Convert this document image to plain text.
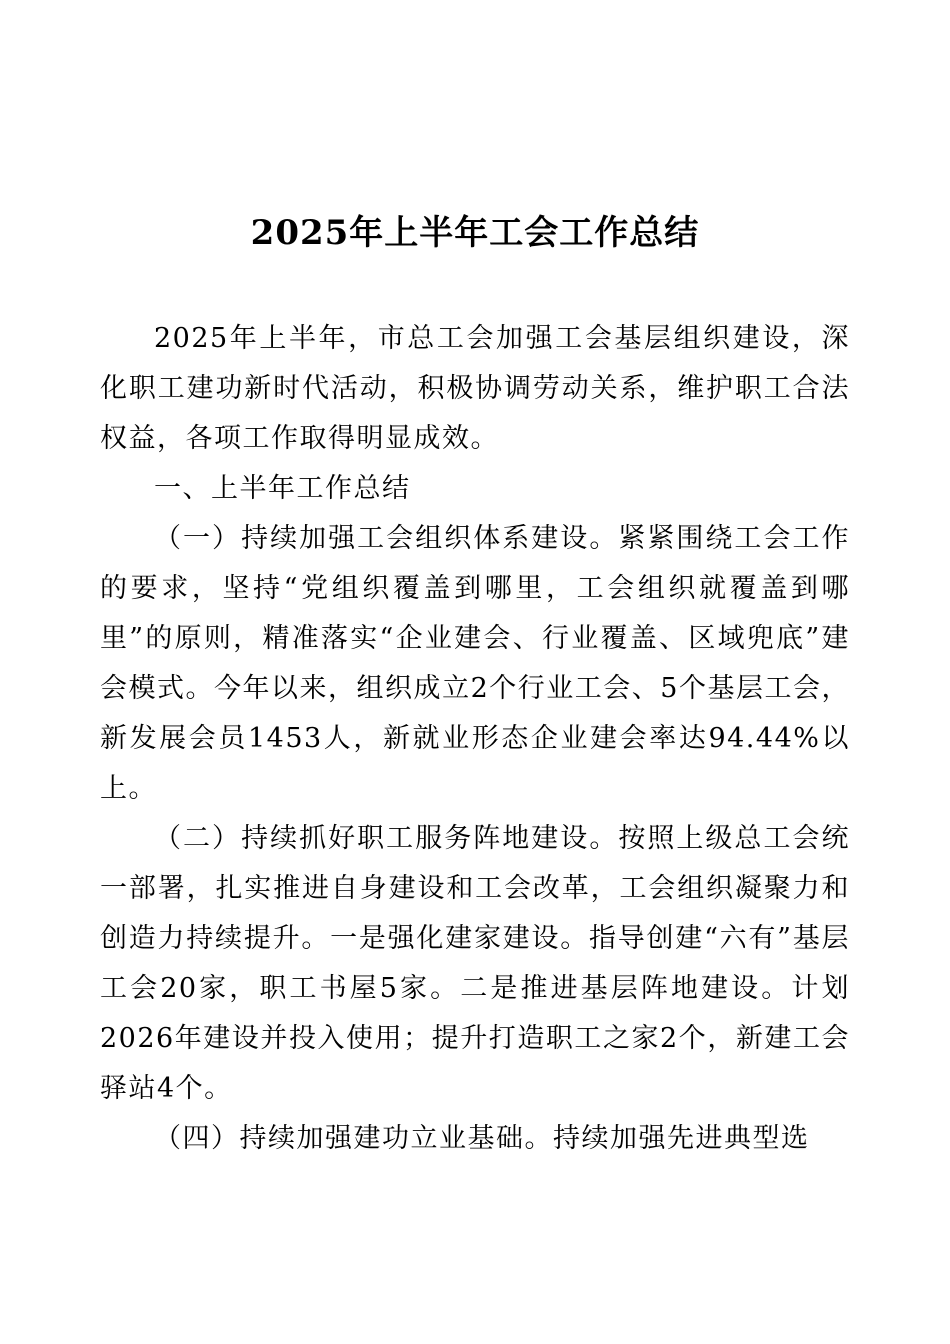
2025年上半年工会工作总结

2025年上半年，市总工会加强工会基层组织建设，深化职工建功新时代活动，积极协调劳动关系，维护职工合法权益，各项工作取得明显成效。

一、上半年工作总结

（一）持续加强工会组织体系建设。紧紧围绕工会工作的要求，坚持“党组织覆盖到哪里，工会组织就覆盖到哪里”的原则，精准落实“企业建会、行业覆盖、区域兜底”建会模式。今年以来，组织成立2个行业工会、5个基层工会，新发展会员1453人，新就业形态企业建会率达94.44%以上。

（二）持续抓好职工服务阵地建设。按照上级总工会统一部署，扎实推进自身建设和工会改革，工会组织凝聚力和创造力持续提升。一是强化建家建设。指导创建“六有”基层工会20家，职工书屋5家。二是推进基层阵地建设。计划2026年建设并投入使用；提升打造职工之家2个，新建工会驿站4个。

（四）持续加强建功立业基础。持续加强先进典型选
